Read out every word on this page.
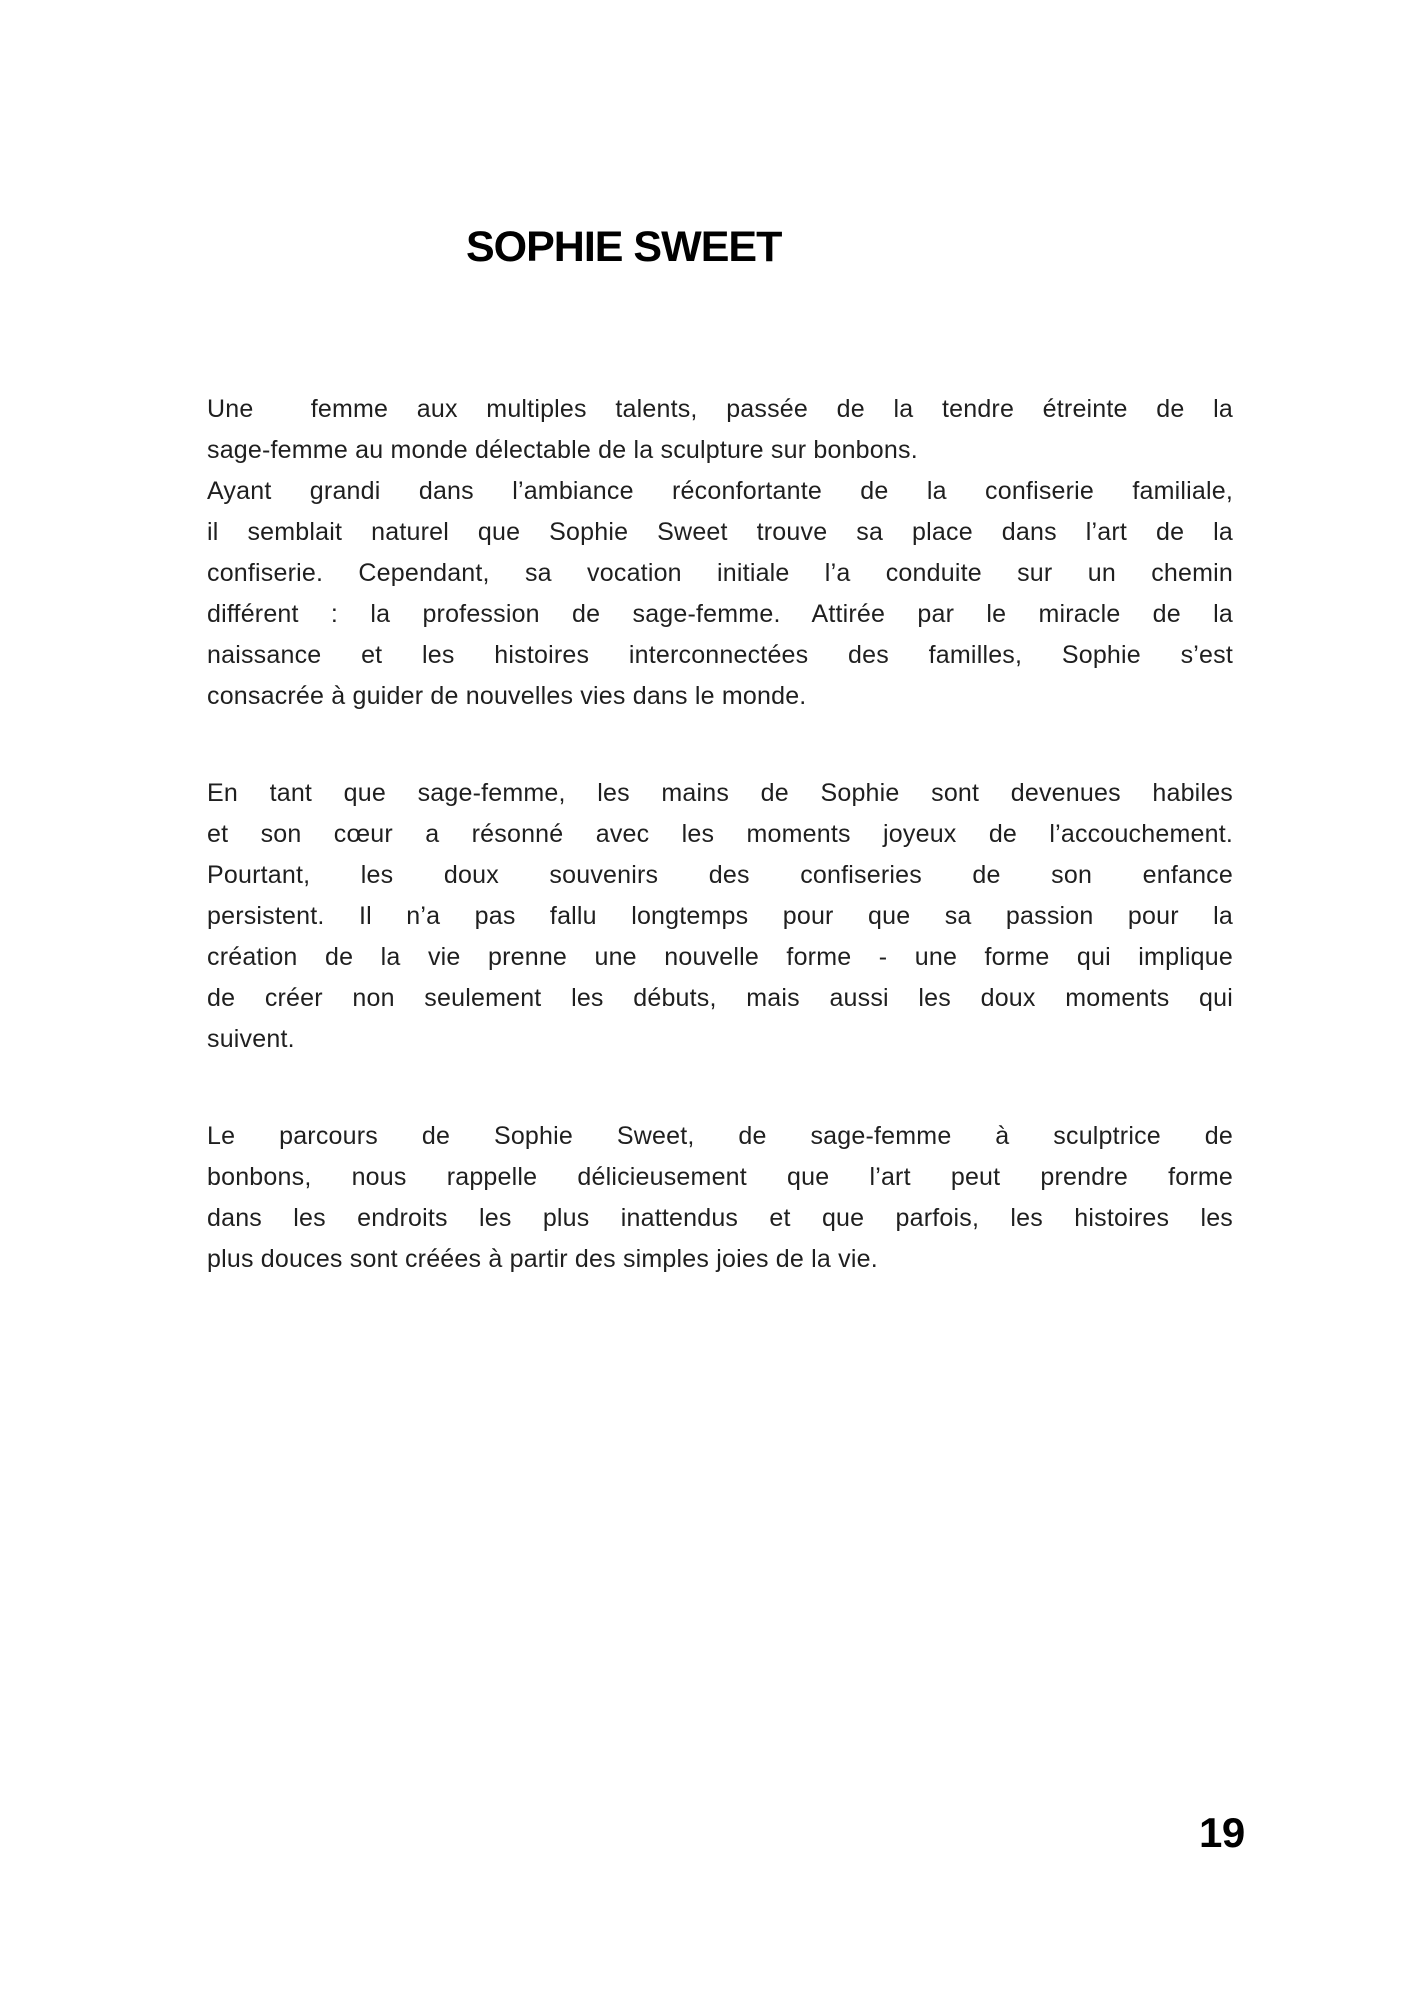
SOPHIE SWEET
Une  femme aux multiples talents, passée de la tendre étreinte de la
sage-femme au monde délectable de la sculpture sur bonbons.
Ayant grandi dans l’ambiance réconfortante de la confiserie familiale,
il semblait naturel que Sophie Sweet trouve sa place dans l’art de la
confiserie. Cependant, sa vocation initiale l’a conduite sur un chemin
différent : la profession de sage-femme. Attirée par le miracle de la
naissance et les histoires interconnectées des familles, Sophie s’est
consacrée à guider de nouvelles vies dans le monde.
En tant que sage-femme, les mains de Sophie sont devenues habiles
et son cœur a résonné avec les moments joyeux de l’accouchement.
Pourtant, les doux souvenirs des confiseries de son enfance
persistent. Il n’a pas fallu longtemps pour que sa passion pour la
création de la vie prenne une nouvelle forme - une forme qui implique
de créer non seulement les débuts, mais aussi les doux moments qui
suivent.
Le parcours de Sophie Sweet, de sage-femme à sculptrice de
bonbons, nous rappelle délicieusement que l’art peut prendre forme
dans les endroits les plus inattendus et que parfois, les histoires les
plus douces sont créées à partir des simples joies de la vie.
19
